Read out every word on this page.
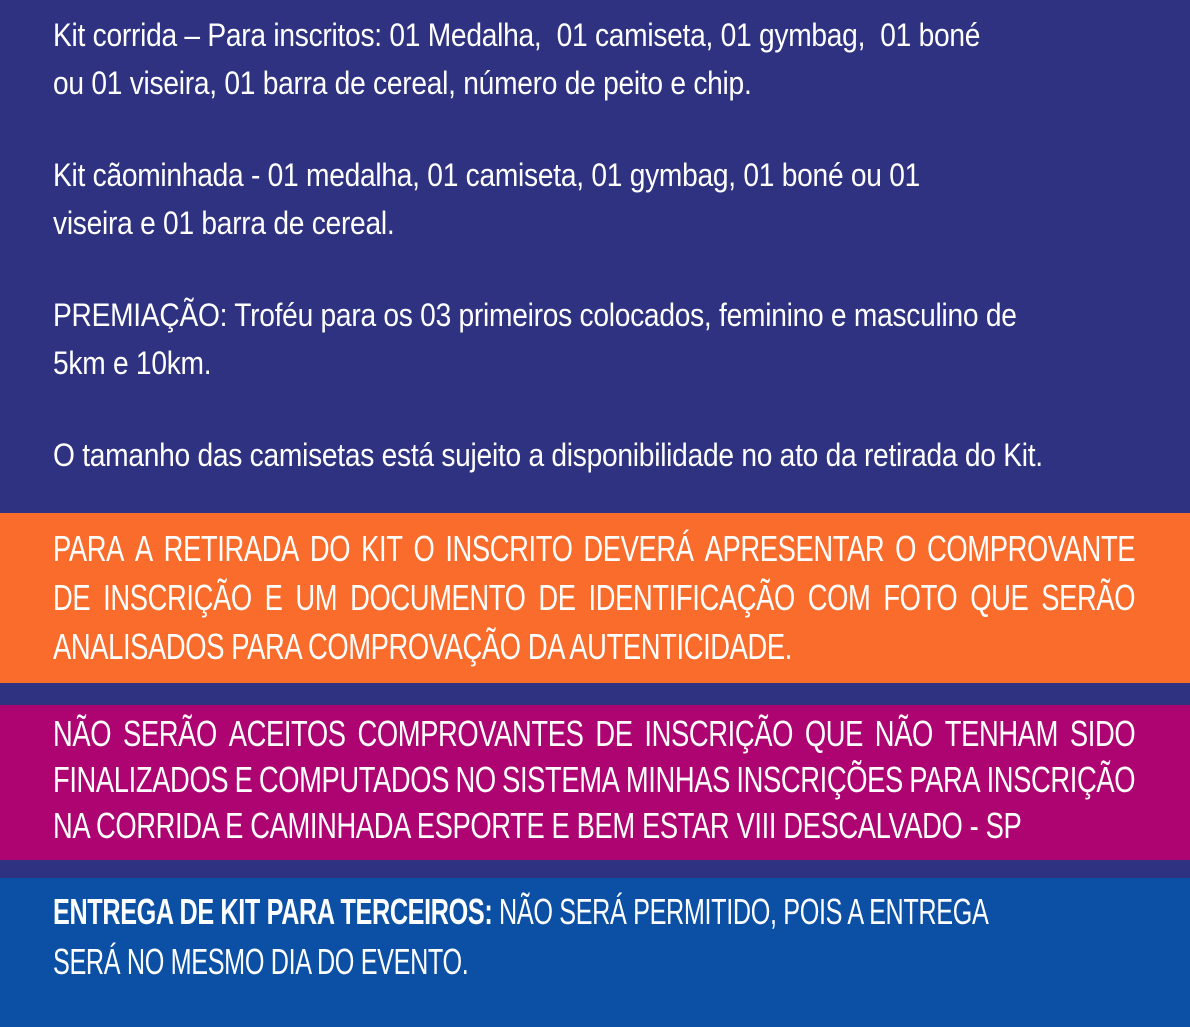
Kit corrida – Para inscritos: 01 Medalha,  01 camiseta, 01 gymbag,  01 boné
ou 01 viseira, 01 barra de cereal, número de peito e chip.
Kit cãominhada - 01 medalha, 01 camiseta, 01 gymbag, 01 boné ou 01
viseira e 01 barra de cereal.
PREMIAÇÃO: Troféu para os 03 primeiros colocados, feminino e masculino de
5km e 10km.
O tamanho das camisetas está sujeito a disponibilidade no ato da retirada do Kit.
PARA A RETIRADA DO KIT O INSCRITO DEVERÁ APRESENTAR O COMPROVANTE
DE INSCRIÇÃO E UM DOCUMENTO DE IDENTIFICAÇÃO COM FOTO QUE SERÃO
ANALISADOS PARA COMPROVAÇÃO DA AUTENTICIDADE.
NÃO SERÃO ACEITOS COMPROVANTES DE INSCRIÇÃO QUE NÃO TENHAM SIDO
FINALIZADOS E COMPUTADOS NO SISTEMA MINHAS INSCRIÇÕES PARA INSCRIÇÃO
NA CORRIDA E CAMINHADA ESPORTE E BEM ESTAR VIII DESCALVADO - SP
ENTREGA DE KIT PARA TERCEIROS: NÃO SERÁ PERMITIDO, POIS A ENTREGA
SERÁ NO MESMO DIA DO EVENTO.
